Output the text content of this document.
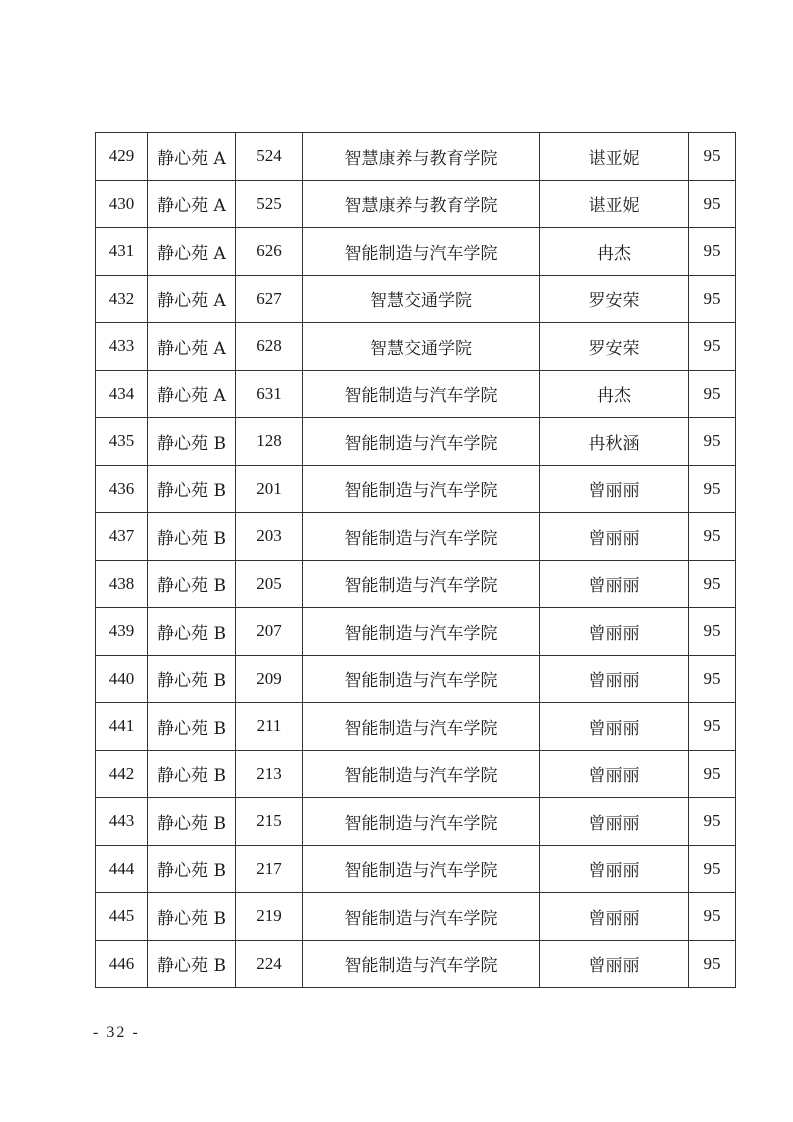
429	静心苑 A	524	智慧康养与教育学院	谌亚妮	95
430	静心苑 A	525	智慧康养与教育学院	谌亚妮	95
431	静心苑 A	626	智能制造与汽车学院	冉杰	95
432	静心苑 A	627	智慧交通学院	罗安荣	95
433	静心苑 A	628	智慧交通学院	罗安荣	95
434	静心苑 A	631	智能制造与汽车学院	冉杰	95
435	静心苑 B	128	智能制造与汽车学院	冉秋涵	95
436	静心苑 B	201	智能制造与汽车学院	曾丽丽	95
437	静心苑 B	203	智能制造与汽车学院	曾丽丽	95
438	静心苑 B	205	智能制造与汽车学院	曾丽丽	95
439	静心苑 B	207	智能制造与汽车学院	曾丽丽	95
440	静心苑 B	209	智能制造与汽车学院	曾丽丽	95
441	静心苑 B	211	智能制造与汽车学院	曾丽丽	95
442	静心苑 B	213	智能制造与汽车学院	曾丽丽	95
443	静心苑 B	215	智能制造与汽车学院	曾丽丽	95
444	静心苑 B	217	智能制造与汽车学院	曾丽丽	95
445	静心苑 B	219	智能制造与汽车学院	曾丽丽	95
446	静心苑 B	224	智能制造与汽车学院	曾丽丽	95
- 32 -
